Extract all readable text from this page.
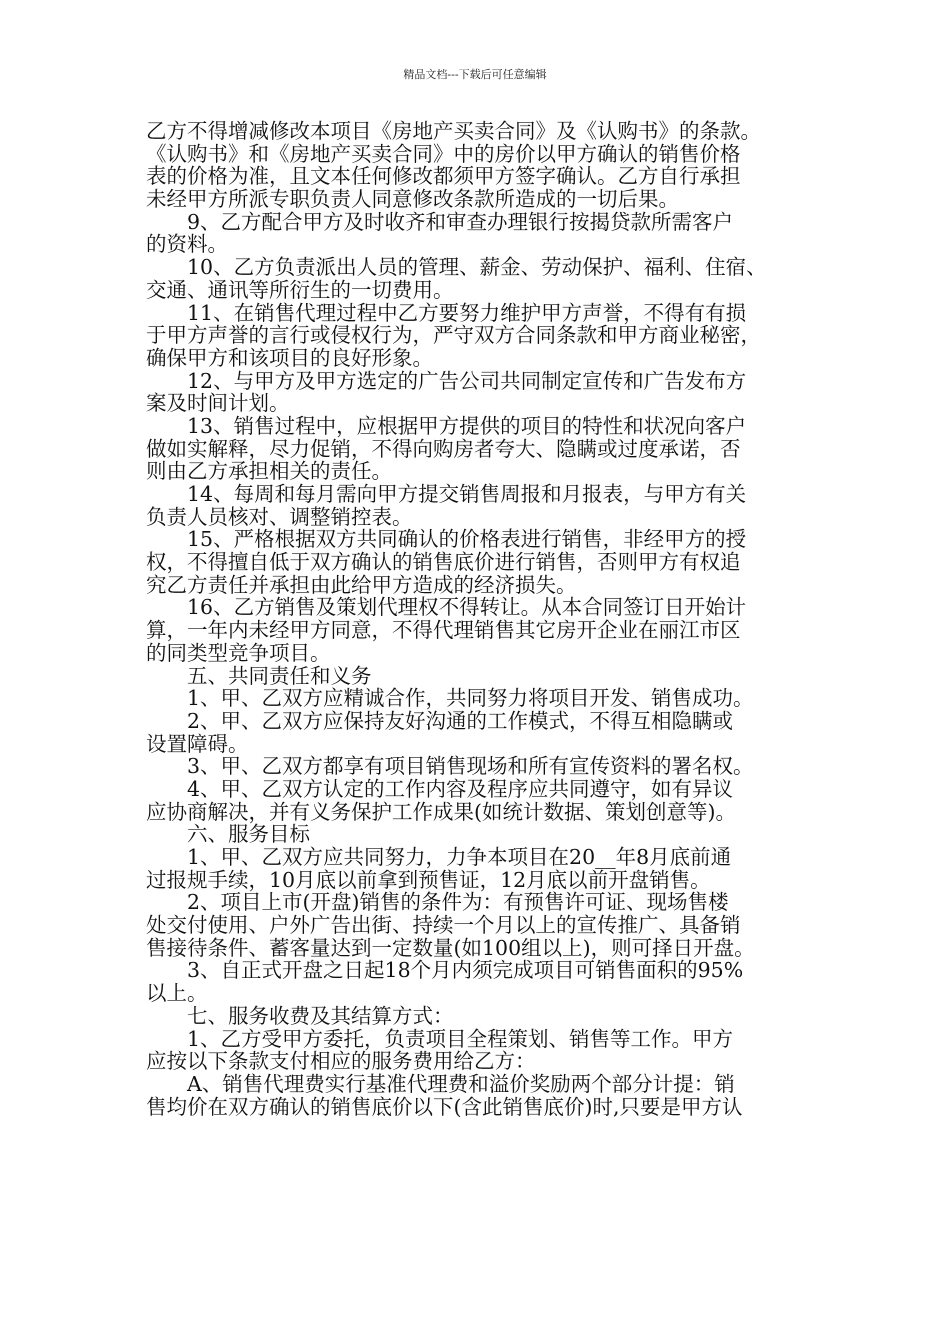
精品文档---下载后可任意编辑
乙方不得增减修改本项目《房地产买卖合同》及《认购书》的条款。
《认购书》和《房地产买卖合同》中的房价以甲方确认的销售价格
表的价格为准，且文本任何修改都须甲方签字确认。乙方自行承担
未经甲方所派专职负责人同意修改条款所造成的一切后果。
　　9、乙方配合甲方及时收齐和审查办理银行按揭贷款所需客户
的资料。
　　10、乙方负责派出人员的管理、薪金、劳动保护、福利、住宿、
交通、通讯等所衍生的一切费用。
　　11、在销售代理过程中乙方要努力维护甲方声誉，不得有有损
于甲方声誉的言行或侵权行为，严守双方合同条款和甲方商业秘密，
确保甲方和该项目的良好形象。
　　12、与甲方及甲方选定的广告公司共同制定宣传和广告发布方
案及时间计划。
　　13、销售过程中，应根据甲方提供的项目的特性和状况向客户
做如实解释，尽力促销，不得向购房者夸大、隐瞒或过度承诺，否
则由乙方承担相关的责任。
　　14、每周和每月需向甲方提交销售周报和月报表，与甲方有关
负责人员核对、调整销控表。
　　15、严格根据双方共同确认的价格表进行销售，非经甲方的授
权，不得擅自低于双方确认的销售底价进行销售，否则甲方有权追
究乙方责任并承担由此给甲方造成的经济损失。
　　16、乙方销售及策划代理权不得转让。从本合同签订日开始计
算，一年内未经甲方同意，不得代理销售其它房开企业在丽江市区
的同类型竞争项目。
　　五、共同责任和义务
　　1、甲、乙双方应精诚合作，共同努力将项目开发、销售成功。
　　2、甲、乙双方应保持友好沟通的工作模式，不得互相隐瞒或
设置障碍。
　　3、甲、乙双方都享有项目销售现场和所有宣传资料的署名权。
　　4、甲、乙双方认定的工作内容及程序应共同遵守，如有异议
应协商解决，并有义务保护工作成果(如统计数据、策划创意等)。
　　六、服务目标
　　1、甲、乙双方应共同努力，力争本项目在20__年8月底前通
过报规手续，10月底以前拿到预售证，12月底以前开盘销售。
　　2、项目上市(开盘)销售的条件为：有预售许可证、现场售楼
处交付使用、户外广告出街、持续一个月以上的宣传推广、具备销
售接待条件、蓄客量达到一定数量(如100组以上)，则可择日开盘。
　　3、自正式开盘之日起18个月内须完成项目可销售面积的95%
以上。
　　七、服务收费及其结算方式：
　　1、乙方受甲方委托，负责项目全程策划、销售等工作。甲方
应按以下条款支付相应的服务费用给乙方：
　　A、销售代理费实行基准代理费和溢价奖励两个部分计提：销
售均价在双方确认的销售底价以下(含此销售底价)时,只要是甲方认
